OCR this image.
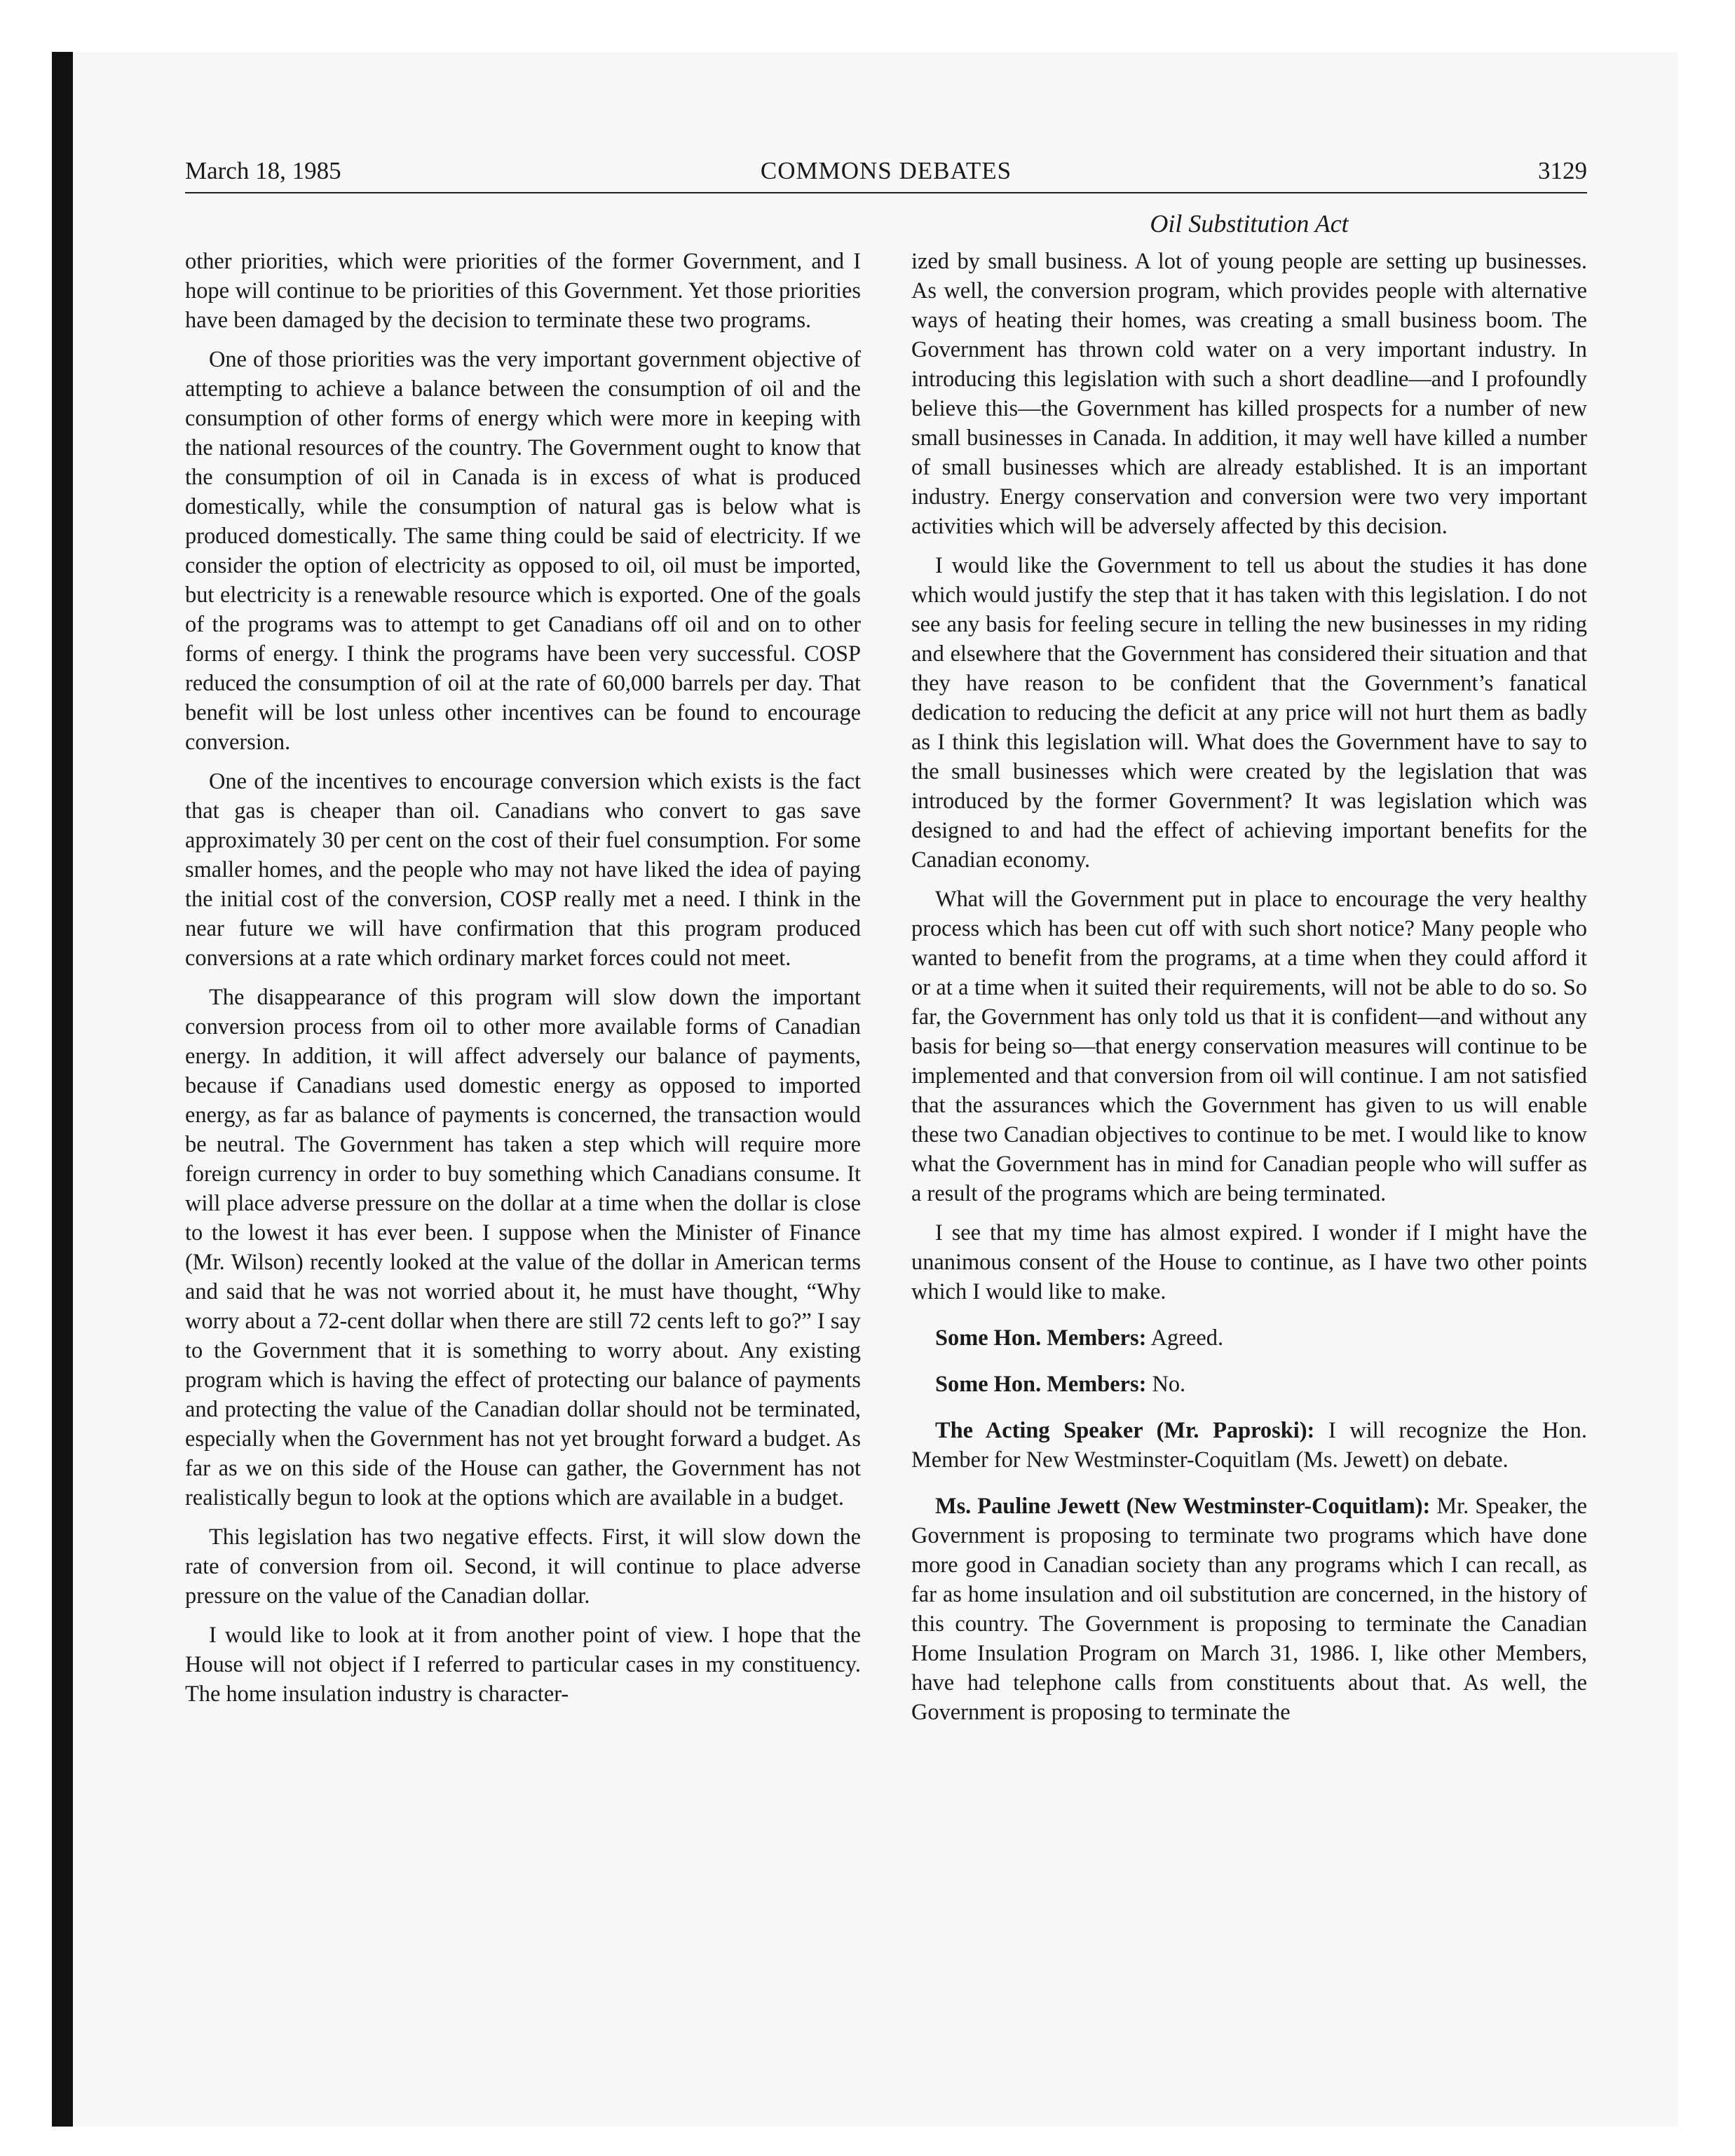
March 18, 1985	COMMONS DEBATES	3129
Oil Substitution Act

other priorities, which were priorities of the former Government, and I hope will continue to be priorities of this Government. Yet those priorities have been damaged by the decision to terminate these two programs.

One of those priorities was the very important government objective of attempting to achieve a balance between the consumption of oil and the consumption of other forms of energy which were more in keeping with the national resources of the country. The Government ought to know that the consumption of oil in Canada is in excess of what is produced domestically, while the consumption of natural gas is below what is produced domestically. The same thing could be said of electricity. If we consider the option of electricity as opposed to oil, oil must be imported, but electricity is a renewable resource which is exported. One of the goals of the programs was to attempt to get Canadians off oil and on to other forms of energy. I think the programs have been very successful. COSP reduced the consumption of oil at the rate of 60,000 barrels per day. That benefit will be lost unless other incentives can be found to encourage conversion.

One of the incentives to encourage conversion which exists is the fact that gas is cheaper than oil. Canadians who convert to gas save approximately 30 per cent on the cost of their fuel consumption. For some smaller homes, and the people who may not have liked the idea of paying the initial cost of the conversion, COSP really met a need. I think in the near future we will have confirmation that this program produced conversions at a rate which ordinary market forces could not meet.

The disappearance of this program will slow down the important conversion process from oil to other more available forms of Canadian energy. In addition, it will affect adversely our balance of payments, because if Canadians used domestic energy as opposed to imported energy, as far as balance of payments is concerned, the transaction would be neutral. The Government has taken a step which will require more foreign currency in order to buy something which Canadians consume. It will place adverse pressure on the dollar at a time when the dollar is close to the lowest it has ever been. I suppose when the Minister of Finance (Mr. Wilson) recently looked at the value of the dollar in American terms and said that he was not worried about it, he must have thought, “Why worry about a 72-cent dollar when there are still 72 cents left to go?” I say to the Government that it is something to worry about. Any existing program which is having the effect of protecting our balance of payments and protecting the value of the Canadian dollar should not be terminated, especially when the Government has not yet brought forward a budget. As far as we on this side of the House can gather, the Government has not realistically begun to look at the options which are available in a budget.

This legislation has two negative effects. First, it will slow down the rate of conversion from oil. Second, it will continue to place adverse pressure on the value of the Canadian dollar.

I would like to look at it from another point of view. I hope that the House will not object if I referred to particular cases in my constituency. The home insulation industry is character-

ized by small business. A lot of young people are setting up businesses. As well, the conversion program, which provides people with alternative ways of heating their homes, was creating a small business boom. The Government has thrown cold water on a very important industry. In introducing this legislation with such a short deadline—and I profoundly believe this—the Government has killed prospects for a number of new small businesses in Canada. In addition, it may well have killed a number of small businesses which are already established. It is an important industry. Energy conservation and conversion were two very important activities which will be adversely affected by this decision.

I would like the Government to tell us about the studies it has done which would justify the step that it has taken with this legislation. I do not see any basis for feeling secure in telling the new businesses in my riding and elsewhere that the Government has considered their situation and that they have reason to be confident that the Government’s fanatical dedication to reducing the deficit at any price will not hurt them as badly as I think this legislation will. What does the Government have to say to the small businesses which were created by the legislation that was introduced by the former Government? It was legislation which was designed to and had the effect of achieving important benefits for the Canadian economy.

What will the Government put in place to encourage the very healthy process which has been cut off with such short notice? Many people who wanted to benefit from the programs, at a time when they could afford it or at a time when it suited their requirements, will not be able to do so. So far, the Government has only told us that it is confident—and without any basis for being so—that energy conservation measures will continue to be implemented and that conversion from oil will continue. I am not satisfied that the assurances which the Government has given to us will enable these two Canadian objectives to continue to be met. I would like to know what the Government has in mind for Canadian people who will suffer as a result of the programs which are being terminated.

I see that my time has almost expired. I wonder if I might have the unanimous consent of the House to continue, as I have two other points which I would like to make.

Some Hon. Members: Agreed.

Some Hon. Members: No.

The Acting Speaker (Mr. Paproski): I will recognize the Hon. Member for New Westminster-Coquitlam (Ms. Jewett) on debate.

Ms. Pauline Jewett (New Westminster-Coquitlam): Mr. Speaker, the Government is proposing to terminate two programs which have done more good in Canadian society than any programs which I can recall, as far as home insulation and oil substitution are concerned, in the history of this country. The Government is proposing to terminate the Canadian Home Insulation Program on March 31, 1986. I, like other Members, have had telephone calls from constituents about that. As well, the Government is proposing to terminate the
